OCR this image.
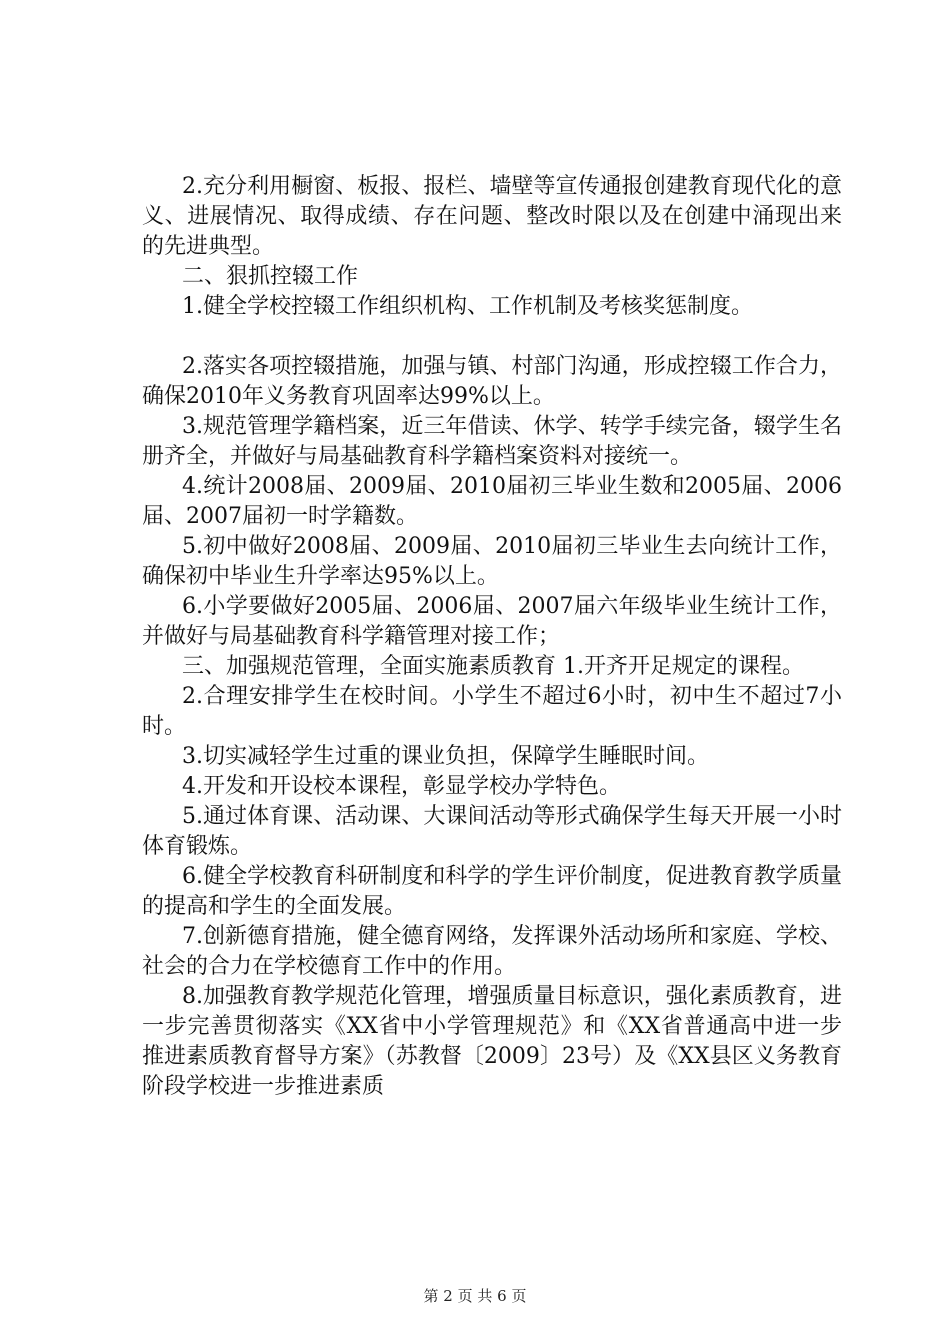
2.充分利用橱窗、板报、报栏、墙壁等宣传通报创建教育现代化的意义、进展情况、取得成绩、存在问题、整改时限以及在创建中涌现出来的先进典型。

二、狠抓控辍工作

1.健全学校控辍工作组织机构、工作机制及考核奖惩制度。

2.落实各项控辍措施，加强与镇、村部门沟通，形成控辍工作合力，确保2010年义务教育巩固率达99%以上。

3.规范管理学籍档案，近三年借读、休学、转学手续完备，辍学生名册齐全，并做好与局基础教育科学籍档案资料对接统一。

4.统计2008届、2009届、2010届初三毕业生数和2005届、2006届、2007届初一时学籍数。

5.初中做好2008届、2009届、2010届初三毕业生去向统计工作，确保初中毕业生升学率达95%以上。

6.小学要做好2005届、2006届、2007届六年级毕业生统计工作，并做好与局基础教育科学籍管理对接工作；

三、加强规范管理，全面实施素质教育 1.开齐开足规定的课程。

2.合理安排学生在校时间。小学生不超过6小时，初中生不超过7小时。

3.切实减轻学生过重的课业负担，保障学生睡眠时间。

4.开发和开设校本课程，彰显学校办学特色。

5.通过体育课、活动课、大课间活动等形式确保学生每天开展一小时体育锻炼。

6.健全学校教育科研制度和科学的学生评价制度，促进教育教学质量的提高和学生的全面发展。

7.创新德育措施，健全德育网络，发挥课外活动场所和家庭、学校、社会的合力在学校德育工作中的作用。

8.加强教育教学规范化管理，增强质量目标意识，强化素质教育，进一步完善贯彻落实《XX省中小学管理规范》和《XX省普通高中进一步推进素质教育督导方案》（苏教督〔2009〕23号）及《XX县区义务教育阶段学校进一步推进素质

第 2 页 共 6 页
